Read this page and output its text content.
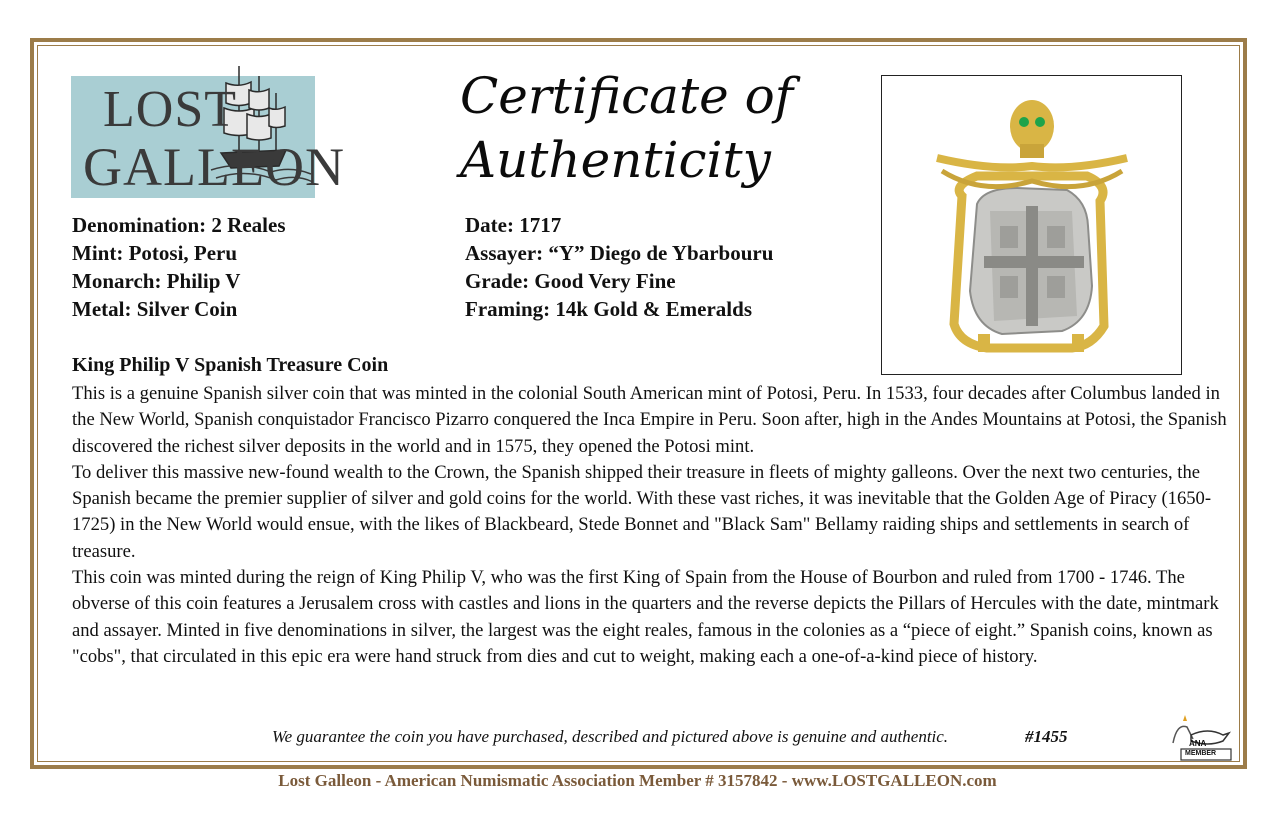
LOST
GALLEON
Certificate of
Authenticity
Denomination: 2 Reales
Mint: Potosi, Peru
Monarch: Philip V
Metal: Silver Coin
Date: 1717
Assayer: “Y” Diego de Ybarbouru
Grade: Good Very Fine
Framing: 14k Gold & Emeralds
King Philip V Spanish Treasure Coin

This is a genuine Spanish silver coin that was minted in the colonial South American mint of Potosi, Peru. In 1533, four decades after Columbus landed in the New World, Spanish conquistador Francisco Pizarro conquered the Inca Empire in Peru. Soon after, high in the Andes Mountains at Potosi, the Spanish discovered the richest silver deposits in the world and in 1575, they opened the Potosi mint.

To deliver this massive new-found wealth to the Crown, the Spanish shipped their treasure in fleets of mighty galleons. Over the next two centuries, the Spanish became the premier supplier of silver and gold coins for the world. With these vast riches, it was inevitable that the Golden Age of Piracy (1650-1725) in the New World would ensue, with the likes of Blackbeard, Stede Bonnet and "Black Sam" Bellamy raiding ships and settlements in search of treasure.

This coin was minted during the reign of King Philip V, who was the first King of Spain from the House of Bourbon and ruled from 1700 - 1746. The obverse of this coin features a Jerusalem cross with castles and lions in the quarters and the reverse depicts the Pillars of Hercules with the date, mintmark and assayer. Minted in five denominations in silver, the largest was the eight reales, famous in the colonies as a “piece of eight.” Spanish coins, known as "cobs", that circulated in this epic era were hand struck from dies and cut to weight, making each a one-of-a-kind piece of history.

We guarantee the coin you have purchased, described and pictured above is genuine and authentic.	#1455	ANA
MEMBER
Lost Galleon - American Numismatic Association Member # 3157842 - www.LOSTGALLEON.com
